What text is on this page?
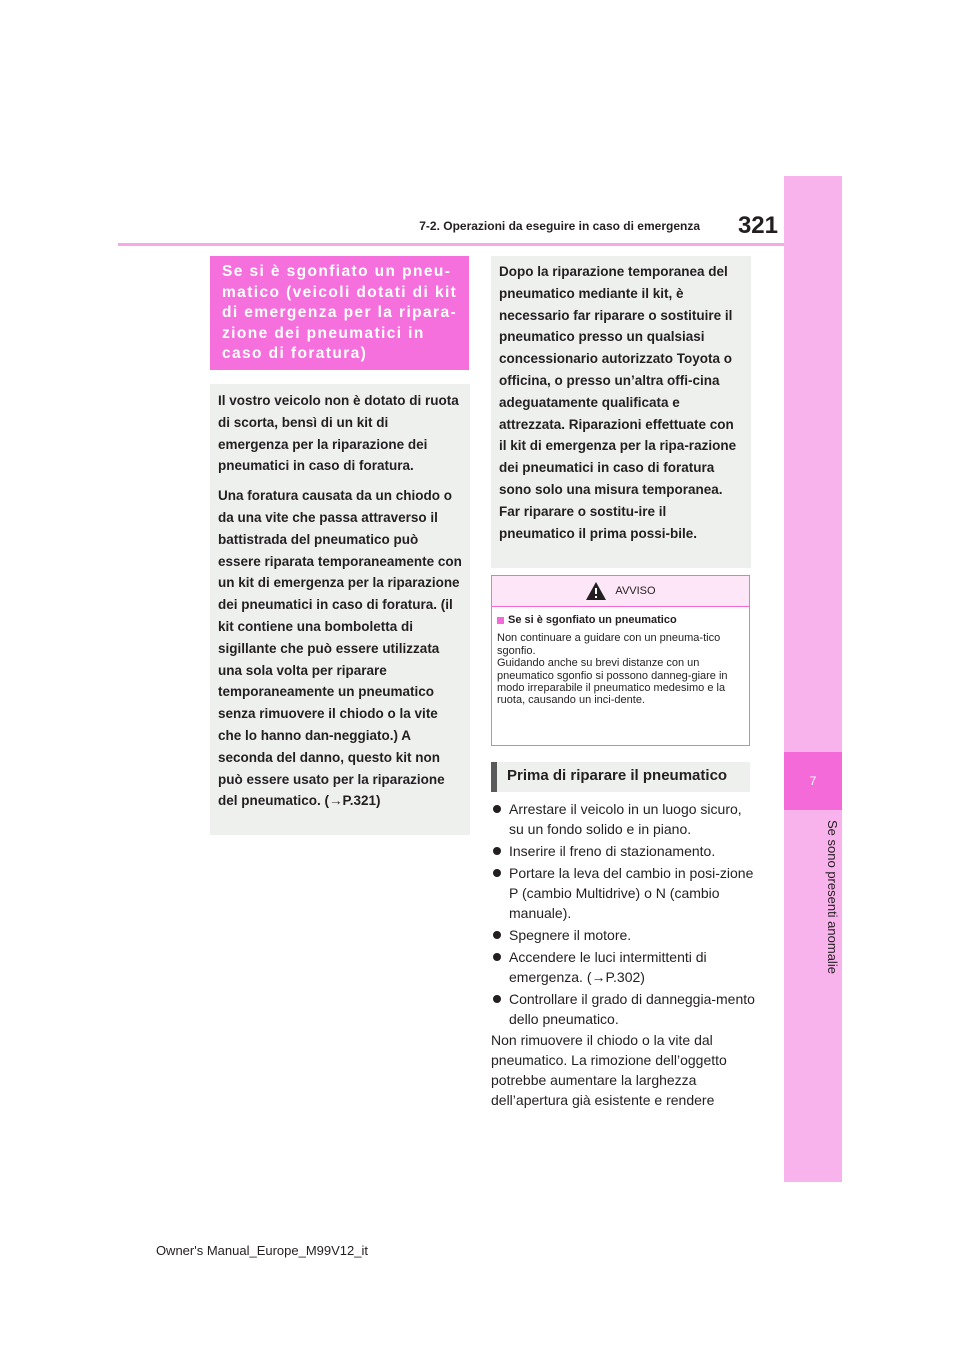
7
Se sono presenti anomalie
321
7-2. Operazioni da eseguire in caso di emergenza
Se si è sgonfiato un pneu-matico (veicoli dotati di kit di emergenza per la ripara-zione dei pneumatici in caso di foratura)

Il vostro veicolo non è dotato di ruota di scorta, bensì di un kit di emergenza per la riparazione dei pneumatici in caso di foratura.

Una foratura causata da un chiodo o da una vite che passa attraverso il battistrada del pneumatico può essere riparata temporaneamente con un kit di emergenza per la riparazione dei pneumatici in caso di foratura. (il kit contiene una bomboletta di sigillante che può essere utilizzata una sola volta per riparare temporaneamente un pneumatico senza rimuovere il chiodo o la vite che lo hanno dan-neggiato.) A seconda del danno, questo kit non può essere usato per la riparazione del pneumatico. (→P.321)

Dopo la riparazione temporanea del pneumatico mediante il kit, è necessario far riparare o sostituire il pneumatico presso un qualsiasi concessionario autorizzato Toyota o officina, o presso un’altra offi-cina adeguatamente qualificata e attrezzata. Riparazioni effettuate con il kit di emergenza per la ripa-razione dei pneumatici in caso di foratura sono solo una misura temporanea. Far riparare o sostitu-ire il pneumatico il prima possi-bile.

AVVISO
Se si è sgonfiato un pneumatico

Non continuare a guidare con un pneuma-tico sgonfio.

Guidando anche su brevi distanze con un pneumatico sgonfio si possono danneg-giare in modo irreparabile il pneumatico medesimo e la ruota, causando un inci-dente.

Prima di riparare il pneumatico
Arrestare il veicolo in un luogo sicuro, su un fondo solido e in piano.
Inserire il freno di stazionamento.
Portare la leva del cambio in posi-zione P (cambio Multidrive) o N (cambio manuale).
Spegnere il motore.
Accendere le luci intermittenti di emergenza. (→P.302)
Controllare il grado di danneggia-mento dello pneumatico.

Non rimuovere il chiodo o la vite dal pneumatico. La rimozione dell’oggetto potrebbe aumentare la larghezza dell’apertura già esistente e rendere

Owner's Manual_Europe_M99V12_it
